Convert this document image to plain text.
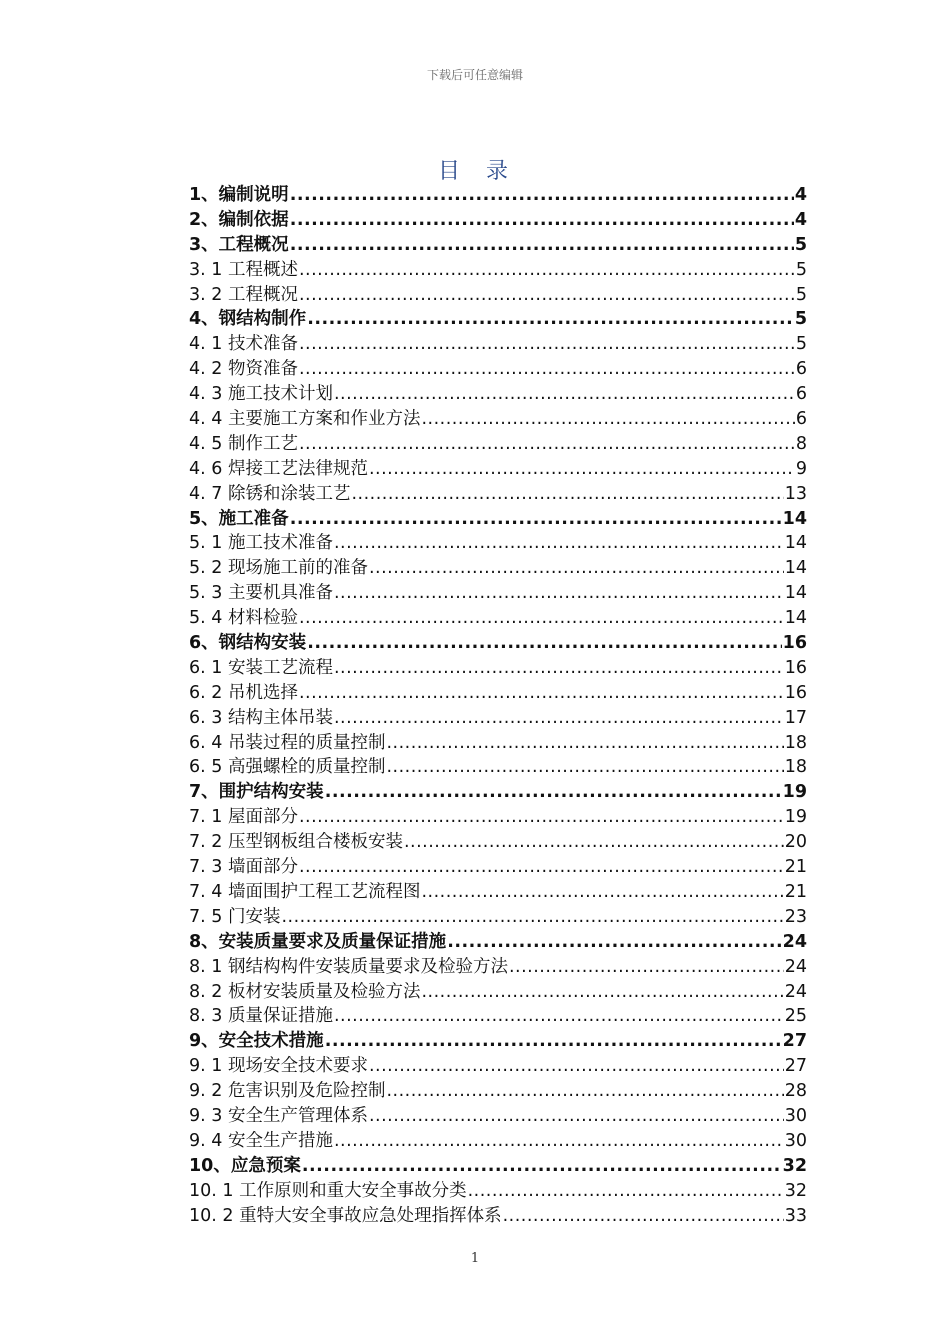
下载后可任意编辑
目 录
1、编制说明 .....	4
2、编制依据 .....	4
3、工程概况 .....	5
3. 1 工程概述 .....	5
3. 2 工程概况 .....	5
4、钢结构制作 .....	5
4. 1 技术准备 .....	5
4. 2 物资准备 .....	6
4. 3 施工技术计划 .....	6
4. 4 主要施工方案和作业方法 .....	6
4. 5 制作工艺 .....	8
4. 6 焊接工艺法律规范 .....	9
4. 7 除锈和涂装工艺 .....	13
5、施工准备 .....	14
5. 1 施工技术准备 .....	14
5. 2 现场施工前的准备 .....	14
5. 3 主要机具准备 .....	14
5. 4 材料检验 .....	14
6、钢结构安装 .....	16
6. 1 安装工艺流程 .....	16
6. 2 吊机选择 .....	16
6. 3 结构主体吊装 .....	17
6. 4 吊装过程的质量控制 .....	18
6. 5 高强螺栓的质量控制 .....	18
7、围护结构安装 .....	19
7. 1 屋面部分 .....	19
7. 2 压型钢板组合楼板安装 .....	20
7. 3 墙面部分 .....	21
7. 4 墙面围护工程工艺流程图 .....	21
7. 5 门安装 .....	23
8、安装质量要求及质量保证措施 .....	24
8. 1 钢结构构件安装质量要求及检验方法 .....	24
8. 2 板材安装质量及检验方法 .....	24
8. 3 质量保证措施 .....	25
9、安全技术措施 .....	27
9. 1 现场安全技术要求 .....	27
9. 2 危害识别及危险控制 .....	28
9. 3 安全生产管理体系 .....	30
9. 4 安全生产措施 .....	30
10、应急预案 .....	32
10. 1 工作原则和重大安全事故分类 .....	32
10. 2 重特大安全事故应急处理指挥体系 .....	33
1
